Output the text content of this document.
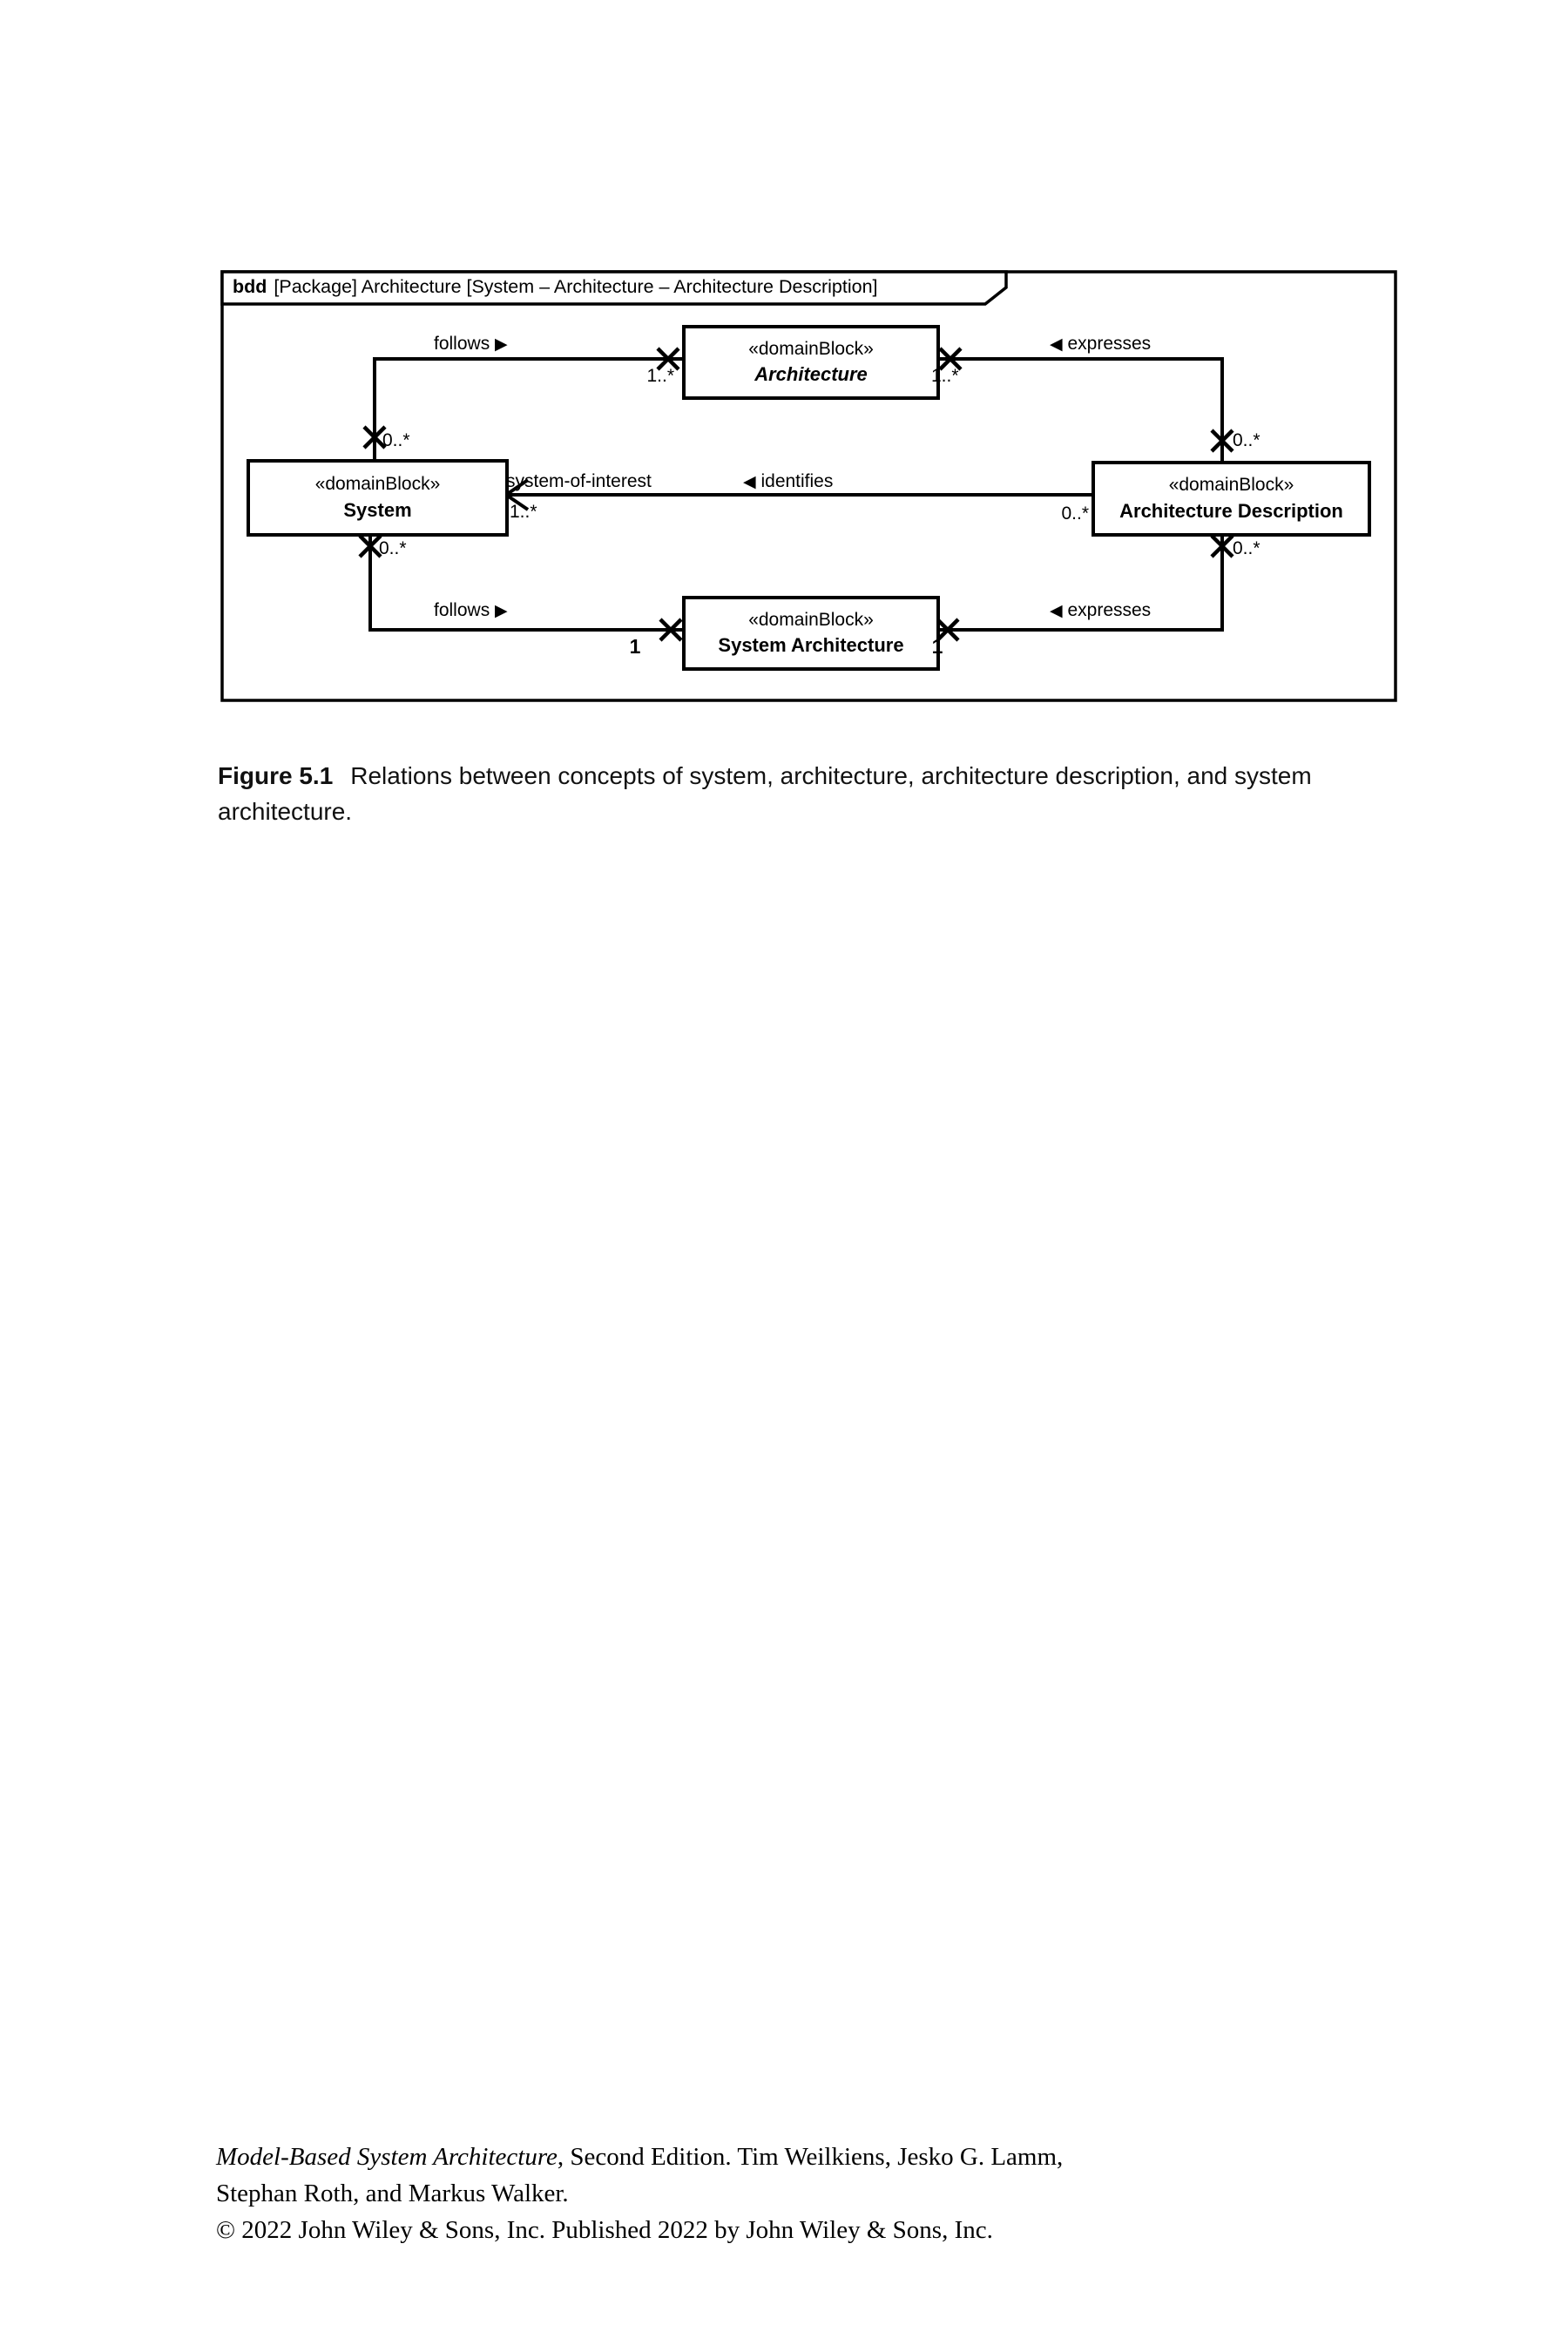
bdd [Package] Architecture [System – Architecture – Architecture Description]
«domainBlock»
Architecture
«domainBlock»
System
«domainBlock»
Architecture Description
«domainBlock»
System Architecture
follows ▶	◀ expresses
system-of-interest	◀ identifies
follows ▶	◀ expresses
1..*	1..*
0..*	0..*
1..*	0..*
0..*	0..*
1	1

Figure 5.1 Relations between concepts of system, architecture, architecture description, and system architecture.

Model-Based System Architecture, Second Edition. Tim Weilkiens, Jesko G. Lamm,
Stephan Roth, and Markus Walker.
© 2022 John Wiley & Sons, Inc. Published 2022 by John Wiley & Sons, Inc.
